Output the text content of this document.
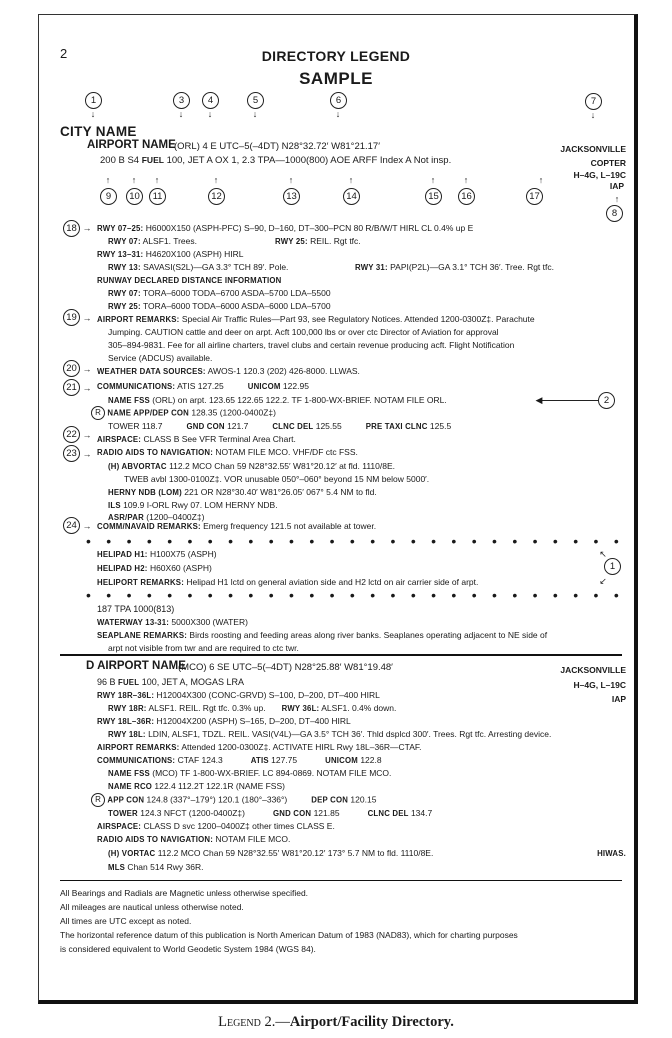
2	DIRECTORY LEGEND
SAMPLE
1
↓
3
↓
4
↓
5
↓
6
↓
7
↓
CITY NAME
AIRPORT NAME
(ORL) 4 E UTC–5(–4DT) N28°32.72′ W81°21.17′	JACKSONVILLE
200 B S4 FUEL 100, JET A OX 1, 2.3 TPA—1000(800) AOE ARFF Index A Not insp.	COPTER
H–4G, L–19C
IAP
↑
9
↑
10
↑
11
↑
12
↑
13
↑
14
↑
15
↑
16
↑
17	↑
8
18 →
19 →
20 →
21 →
22 →
23 →
24 →
◀	2
↖
1
↙
RWY 07–25: H6000X150 (ASPH-PFC) S–90, D–160, DT–300–PCN 80 R/B/W/T HIRL CL 0.4% up E
RWY 07: ALSF1. Trees.	RWY 25: REIL. Rgt tfc.
RWY 13–31: H4620X100 (ASPH) HIRL
RWY 13: SAVASI(S2L)—GA 3.3° TCH 89′. Pole.	RWY 31: PAPI(P2L)—GA 3.1° TCH 36′. Tree. Rgt tfc.
RUNWAY DECLARED DISTANCE INFORMATION
RWY 07: TORA–6000 TODA–6700 ASDA–5700 LDA–5500
RWY 25: TORA–6000 TODA–6000 ASDA–6000 LDA–5700
AIRPORT REMARKS: Special Air Traffic Rules—Part 93, see Regulatory Notices. Attended 1200-0300Z‡. Parachute
Jumping. CAUTION cattle and deer on arpt. Acft 100,000 lbs or over ctc Director of Aviation for approval
305–894-9831. Fee for all airline charters, travel clubs and certain revenue producing acft. Flight Notification
Service (ADCUS) available.
WEATHER DATA SOURCES: AWOS-1 120.3 (202) 426-8000. LLWAS.
COMMUNICATIONS: ATIS 127.25	UNICOM 122.95
NAME FSS (ORL) on arpt. 123.65 122.65 122.2. TF 1-800-WX-BRIEF. NOTAM FILE ORL.
R NAME APP/DEP CON 128.35 (1200-0400Z‡)
TOWER 118.7	GND CON 121.7	CLNC DEL 125.55	PRE TAXI CLNC 125.5
AIRSPACE: CLASS B See VFR Terminal Area Chart.
RADIO AIDS TO NAVIGATION: NOTAM FILE MCO. VHF/DF ctc FSS.
(H) ABVORTAC 112.2 MCO Chan 59 N28°32.55′ W81°20.12′ at fld. 1110/8E.
TWEB avbl 1300-0100Z‡. VOR unusable 050°–060° beyond 15 NM below 5000′.
HERNY NDB (LOM) 221 OR N28°30.40′ W81°26.05′ 067° 5.4 NM to fld.
ILS 109.9 I-ORL Rwy 07. LOM HERNY NDB.
ASR/PAR (1200–0400Z‡)
COMM/NAVAID REMARKS: Emerg frequency 121.5 not available at tower.
•••••••••••••••••••••••••••
HELIPAD H1: H100X75 (ASPH)
HELIPAD H2: H60X60 (ASPH)
HELIPORT REMARKS: Helipad H1 lctd on general aviation side and H2 lctd on air carrier side of arpt.
•••••••••••••••••••••••••••
187 TPA 1000(813)
WATERWAY 13-31: 5000X300 (WATER)
SEAPLANE REMARKS: Birds roosting and feeding areas along river banks. Seaplanes operating adjacent to NE side of
arpt not visible from twr and are required to ctc twr.
D AIRPORT NAME
(MCO) 6 SE UTC–5(–4DT) N28°25.88′ W81°19.48′	JACKSONVILLE
H–4G, L–19C
IAP
96 B FUEL 100, JET A, MOGAS LRA
RWY 18R–36L: H12004X300 (CONC-GRVD) S–100, D–200, DT–400 HIRL
RWY 18R: ALSF1. REIL. Rgt tfc. 0.3% up. RWY 36L: ALSF1. 0.4% down.
RWY 18L–36R: H12004X200 (ASPH) S–165, D–200, DT–400 HIRL
RWY 18L: LDIN, ALSF1, TDZL. REIL. VASI(V4L)—GA 3.5° TCH 36′. Thld dsplcd 300′. Trees. Rgt tfc. Arresting device.
AIRPORT REMARKS: Attended 1200-0300Z‡. ACTIVATE HIRL Rwy 18L–36R—CTAF.
COMMUNICATIONS: CTAF 124.3	ATIS 127.75	UNICOM 122.8
NAME FSS (MCO) TF 1-800-WX-BRIEF. LC 894-0869. NOTAM FILE MCO.
NAME RCO 122.4 112.2T 122.1R (NAME FSS)
R APP CON 124.8 (337°–179°) 120.1 (180°–336°)	DEP CON 120.15
TOWER 124.3 NFCT (1200-0400Z‡)	GND CON 121.85	CLNC DEL 134.7
AIRSPACE: CLASS D svc 1200–0400Z‡ other times CLASS E.
RADIO AIDS TO NAVIGATION: NOTAM FILE MCO.
(H) VORTAC 112.2 MCO Chan 59 N28°32.55′ W81°20.12′ 173° 5.7 NM to fld. 1110/8E.	HIWAS.
MLS Chan 514 Rwy 36R.
All Bearings and Radials are Magnetic unless otherwise specified.
All mileages are nautical unless otherwise noted.
All times are UTC except as noted.
The horizontal reference datum of this publication is North American Datum of 1983 (NAD83), which for charting purposes
is considered equivalent to World Geodetic System 1984 (WGS 84).
Legend 2.—Airport/Facility Directory.
